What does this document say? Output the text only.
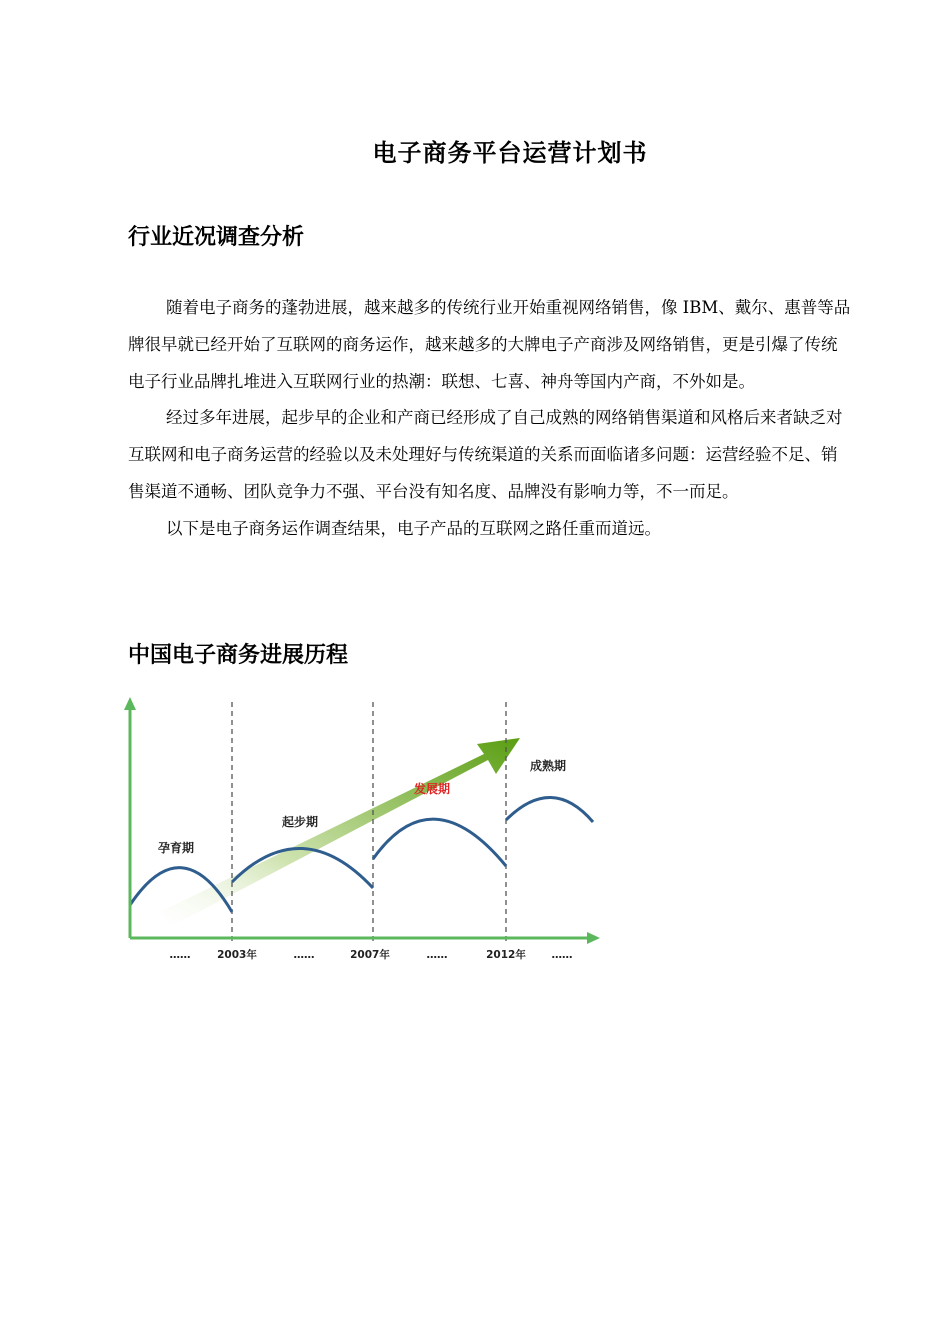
电子商务平台运营计划书
行业近况调查分析

随着电子商务的蓬勃进展，越来越多的传统行业开始重视网络销售，像 IBM、戴尔、惠普等品牌很早就已经开始了互联网的商务运作，越来越多的大牌电子产商涉及网络销售，更是引爆了传统电子行业品牌扎堆进入互联网行业的热潮：联想、七喜、神舟等国内产商，不外如是。

经过多年进展，起步早的企业和产商已经形成了自己成熟的网络销售渠道和风格后来者缺乏对互联网和电子商务运营的经验以及未处理好与传统渠道的关系而面临诸多问题：运营经验不足、销售渠道不通畅、团队竞争力不强、平台没有知名度、品牌没有影响力等，不一而足。

以下是电子商务运作调查结果，电子产品的互联网之路任重而道远。

中国电子商务进展历程
孕育期
起步期
发展期
成熟期
……	2003年	……	2007年	……	2012年 ……
